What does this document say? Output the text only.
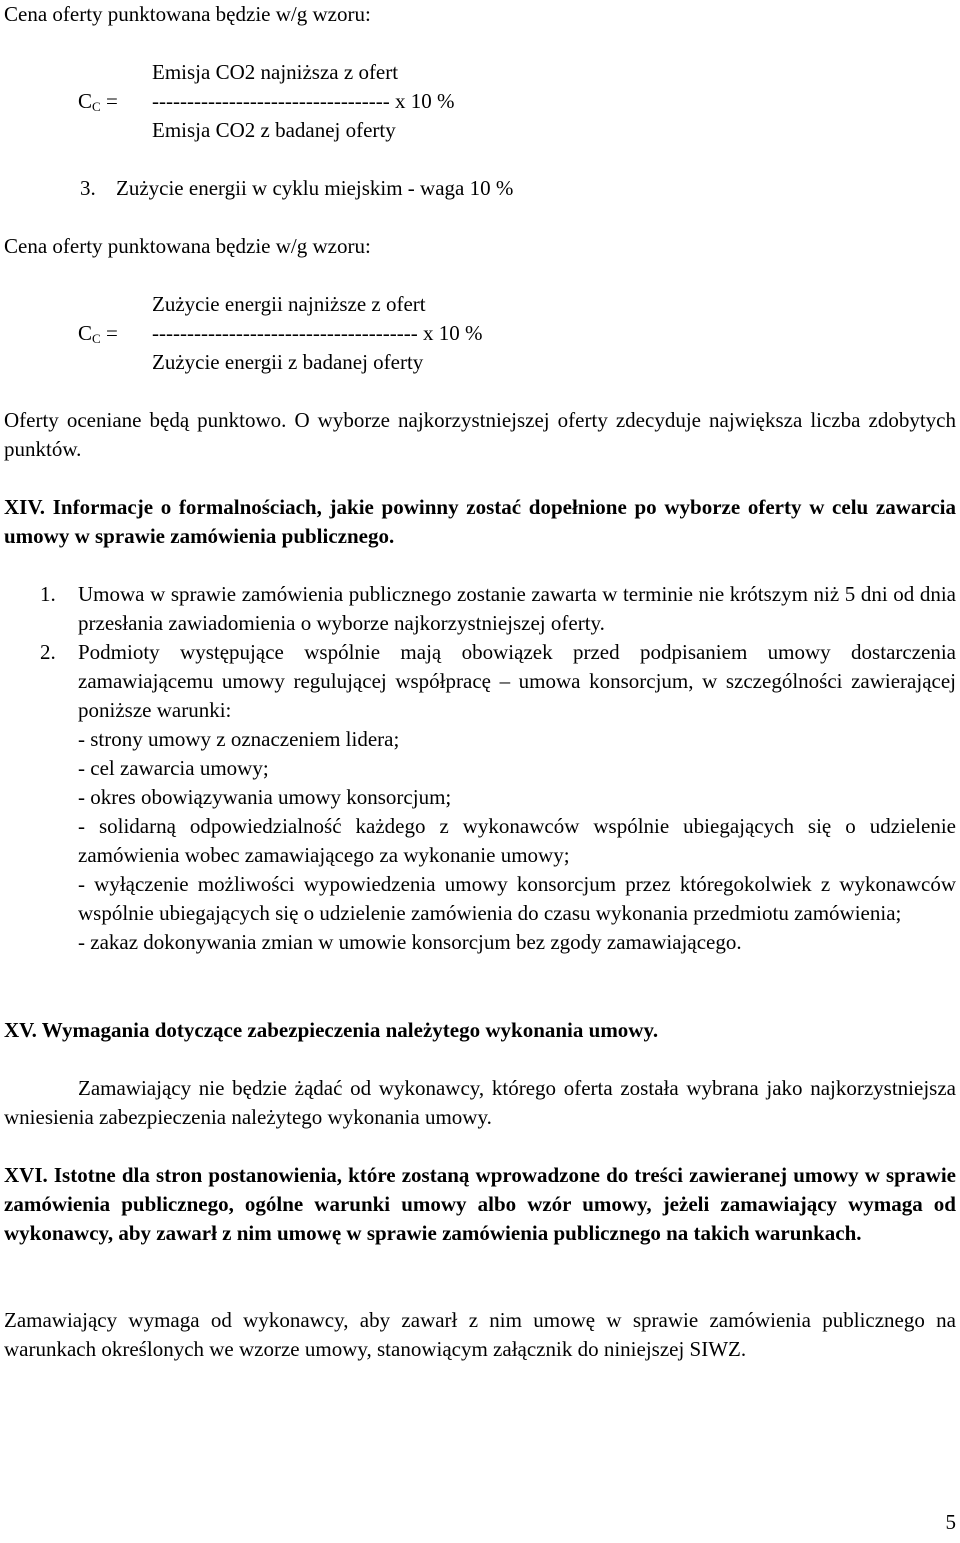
Cena oferty punktowana będzie w/g wzoru:
Emisja CO2 najniższa z ofert
$C_C$ = ---------------------------------- x 10 %
Emisja CO2 z badanej oferty
3. Zużycie energii w cyklu miejskim - waga 10 %
Cena oferty punktowana będzie w/g wzoru:
Zużycie energii najniższe z ofert
$C_C$ = -------------------------------------- x 10 %
Zużycie energii z badanej oferty
Oferty oceniane będą punktowo. O wyborze najkorzystniejszej oferty zdecyduje największa liczba zdobytych punktów.
XIV. Informacje o formalnościach, jakie powinny zostać dopełnione po wyborze oferty w celu zawarcia umowy w sprawie zamówienia publicznego.
1. Umowa w sprawie zamówienia publicznego zostanie zawarta w terminie nie krótszym niż 5 dni od dnia przesłania zawiadomienia o wyborze najkorzystniejszej oferty.
2. Podmioty występujące wspólnie mają obowiązek przed podpisaniem umowy dostarczenia zamawiającemu umowy regulującej współpracę – umowa konsorcjum, w szczególności zawierającej poniższe warunki:
- strony umowy z oznaczeniem lidera;
- cel zawarcia umowy;
- okres obowiązywania umowy konsorcjum;
- solidarną odpowiedzialność każdego z wykonawców wspólnie ubiegających się o udzielenie zamówienia wobec zamawiającego za wykonanie umowy;
- wyłączenie możliwości wypowiedzenia umowy konsorcjum przez któregokolwiek z wykonawców wspólnie ubiegających się o udzielenie zamówienia do czasu wykonania przedmiotu zamówienia;
- zakaz dokonywania zmian w umowie konsorcjum bez zgody zamawiającego.
XV. Wymagania dotyczące zabezpieczenia należytego wykonania umowy.
Zamawiający nie będzie żądać od wykonawcy, którego oferta została wybrana jako najkorzystniejsza wniesienia zabezpieczenia należytego wykonania umowy.
XVI. Istotne dla stron postanowienia, które zostaną wprowadzone do treści zawieranej umowy w sprawie zamówienia publicznego, ogólne warunki umowy albo wzór umowy, jeżeli zamawiający wymaga od wykonawcy, aby zawarł z nim umowę w sprawie zamówienia publicznego na takich warunkach.
Zamawiający wymaga od wykonawcy, aby zawarł z nim umowę w sprawie zamówienia publicznego na warunkach określonych we wzorze umowy, stanowiącym załącznik do niniejszej SIWZ.
5
